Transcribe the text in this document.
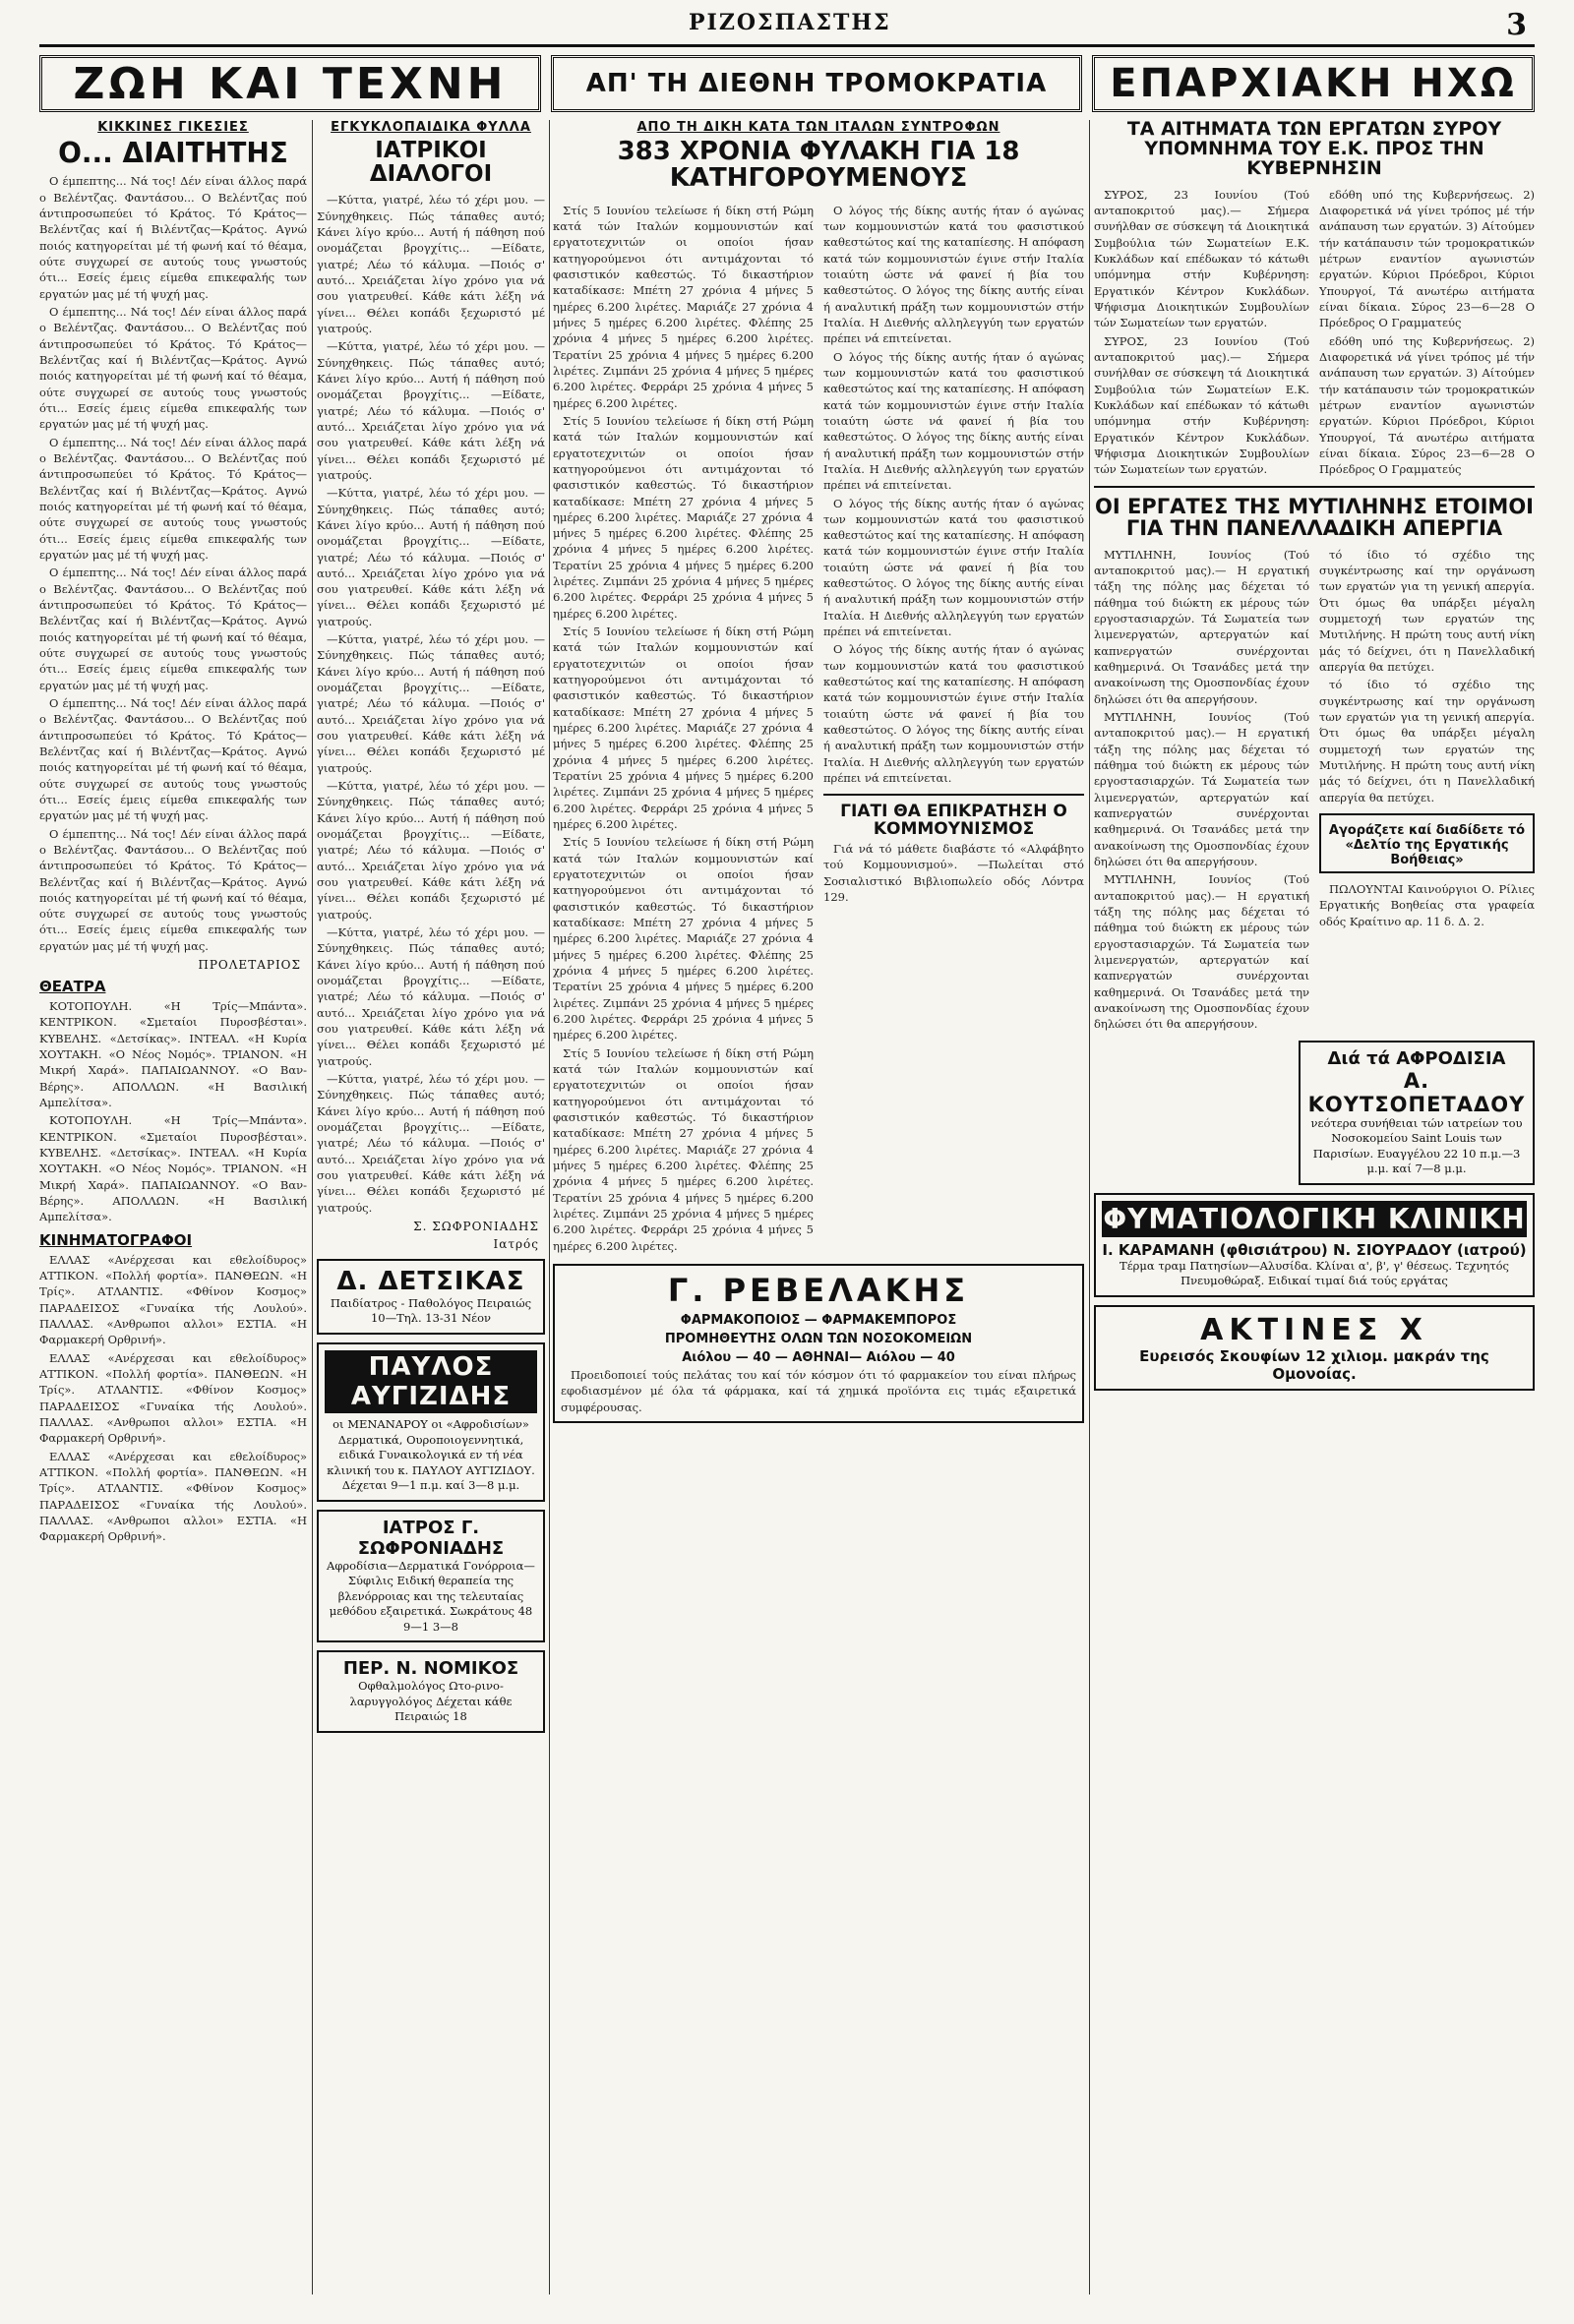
ΡΙΖΟΣΠΑΣΤΗΣ	3
ΖΩΗ ΚΑΙ ΤΕΧΝΗ	ΑΠ' ΤΗ ΔΙΕΘΝΗ ΤΡΟΜΟΚΡΑΤΙΑ	ΕΠΑΡΧΙΑΚΗ ΗΧΩ
ΚΙΚΚΙΝΕΣ ΓΙΚΕΣΙΕΣ
Ο... ΔΙΑΙΤΗΤΗΣ

Ο έμπεπτης... Νά τος! Δέν είναι άλλος παρά ο Βελέντζας. Φαντάσου... Ο Βελέντζας πού άντιπροσωπεύει τό Κράτος. Τό Κράτος—Βελέντζας καί ή Βιλέντζας—Κράτος. Αγνώ ποιός κατηγορείται μέ τή φωνή καί τό θέαμα, ούτε συγχωρεί σε αυτούς τους γνωστούς ότι... Εσείς έμεις είμεθα επικεφαλής των εργατών μας μέ τή ψυχή μας.

Ο έμπεπτης... Νά τος! Δέν είναι άλλος παρά ο Βελέντζας. Φαντάσου... Ο Βελέντζας πού άντιπροσωπεύει τό Κράτος. Τό Κράτος—Βελέντζας καί ή Βιλέντζας—Κράτος. Αγνώ ποιός κατηγορείται μέ τή φωνή καί τό θέαμα, ούτε συγχωρεί σε αυτούς τους γνωστούς ότι... Εσείς έμεις είμεθα επικεφαλής των εργατών μας μέ τή ψυχή μας.

Ο έμπεπτης... Νά τος! Δέν είναι άλλος παρά ο Βελέντζας. Φαντάσου... Ο Βελέντζας πού άντιπροσωπεύει τό Κράτος. Τό Κράτος—Βελέντζας καί ή Βιλέντζας—Κράτος. Αγνώ ποιός κατηγορείται μέ τή φωνή καί τό θέαμα, ούτε συγχωρεί σε αυτούς τους γνωστούς ότι... Εσείς έμεις είμεθα επικεφαλής των εργατών μας μέ τή ψυχή μας.

Ο έμπεπτης... Νά τος! Δέν είναι άλλος παρά ο Βελέντζας. Φαντάσου... Ο Βελέντζας πού άντιπροσωπεύει τό Κράτος. Τό Κράτος—Βελέντζας καί ή Βιλέντζας—Κράτος. Αγνώ ποιός κατηγορείται μέ τή φωνή καί τό θέαμα, ούτε συγχωρεί σε αυτούς τους γνωστούς ότι... Εσείς έμεις είμεθα επικεφαλής των εργατών μας μέ τή ψυχή μας.

Ο έμπεπτης... Νά τος! Δέν είναι άλλος παρά ο Βελέντζας. Φαντάσου... Ο Βελέντζας πού άντιπροσωπεύει τό Κράτος. Τό Κράτος—Βελέντζας καί ή Βιλέντζας—Κράτος. Αγνώ ποιός κατηγορείται μέ τή φωνή καί τό θέαμα, ούτε συγχωρεί σε αυτούς τους γνωστούς ότι... Εσείς έμεις είμεθα επικεφαλής των εργατών μας μέ τή ψυχή μας.

Ο έμπεπτης... Νά τος! Δέν είναι άλλος παρά ο Βελέντζας. Φαντάσου... Ο Βελέντζας πού άντιπροσωπεύει τό Κράτος. Τό Κράτος—Βελέντζας καί ή Βιλέντζας—Κράτος. Αγνώ ποιός κατηγορείται μέ τή φωνή καί τό θέαμα, ούτε συγχωρεί σε αυτούς τους γνωστούς ότι... Εσείς έμεις είμεθα επικεφαλής των εργατών μας μέ τή ψυχή μας.

ΠΡΟΛΕΤΑΡΙΟΣ
ΘΕΑΤΡΑ

ΚΟΤΟΠΟΥΛΗ. «Η Τρίς—Μπάντα». ΚΕΝΤΡΙΚΟΝ. «Σμεταίοι Πυροσβέσται». ΚΥΒΕΛΗΣ. «Δετσίκας». ΙΝΤΕΑΛ. «Η Κυρία ΧΟΥΤΑΚΗ. «Ο Νέος Νομός». ΤΡΙΑΝΟΝ. «Η Μικρή Χαρά». ΠΑΠΑΙΩΑΝΝΟΥ. «Ο Βαν-Βέρης». ΑΠΟΛΛΩΝ. «Η Βασιλική Αμπελίτσα».

ΚΟΤΟΠΟΥΛΗ. «Η Τρίς—Μπάντα». ΚΕΝΤΡΙΚΟΝ. «Σμεταίοι Πυροσβέσται». ΚΥΒΕΛΗΣ. «Δετσίκας». ΙΝΤΕΑΛ. «Η Κυρία ΧΟΥΤΑΚΗ. «Ο Νέος Νομός». ΤΡΙΑΝΟΝ. «Η Μικρή Χαρά». ΠΑΠΑΙΩΑΝΝΟΥ. «Ο Βαν-Βέρης». ΑΠΟΛΛΩΝ. «Η Βασιλική Αμπελίτσα».

ΚΙΝΗΜΑΤΟΓΡΑΦΟΙ

ΕΛΛΑΣ «Ανέρχεσαι και εθελοίδυρος» ΑΤΤΙΚΟΝ. «Πολλή φορτία». ΠΑΝΘΕΩΝ. «Η Τρίς». ΑΤΛΑΝΤΙΣ. «Φθίνον Κοσμος» ΠΑΡΑΔΕΙΣΟΣ «Γυναίκα τής Λουλού». ΠΑΛΛΑΣ. «Ανθρωποι αλλοι» ΕΣΤΙΑ. «Η Φαρμακερή Ορθρινή».

ΕΛΛΑΣ «Ανέρχεσαι και εθελοίδυρος» ΑΤΤΙΚΟΝ. «Πολλή φορτία». ΠΑΝΘΕΩΝ. «Η Τρίς». ΑΤΛΑΝΤΙΣ. «Φθίνον Κοσμος» ΠΑΡΑΔΕΙΣΟΣ «Γυναίκα τής Λουλού». ΠΑΛΛΑΣ. «Ανθρωποι αλλοι» ΕΣΤΙΑ. «Η Φαρμακερή Ορθρινή».

ΕΛΛΑΣ «Ανέρχεσαι και εθελοίδυρος» ΑΤΤΙΚΟΝ. «Πολλή φορτία». ΠΑΝΘΕΩΝ. «Η Τρίς». ΑΤΛΑΝΤΙΣ. «Φθίνον Κοσμος» ΠΑΡΑΔΕΙΣΟΣ «Γυναίκα τής Λουλού». ΠΑΛΛΑΣ. «Ανθρωποι αλλοι» ΕΣΤΙΑ. «Η Φαρμακερή Ορθρινή».

ΕΓΚΥΚΛΟΠΑΙΔΙΚΑ ΦΥΛΛΑ
ΙΑΤΡΙΚΟΙ ΔΙΑΛΟΓΟΙ

—Κύττα, γιατρέ, λέω τό χέρι μου. —Σύνηχθηκεις. Πώς τάπαθες αυτό; Κάνει λίγο κρύο... Αυτή ή πάθηση πού ονομάζεται βρογχίτις... —Είδατε, γιατρέ; Λέω τό κάλυμα. —Ποιός σ' αυτό... Χρειάζεται λίγο χρόνο για νά σου γιατρευθεί. Κάθε κάτι λέξη νά γίνει... Θέλει κοπάδι ξεχωριστό μέ γιατρούς.

—Κύττα, γιατρέ, λέω τό χέρι μου. —Σύνηχθηκεις. Πώς τάπαθες αυτό; Κάνει λίγο κρύο... Αυτή ή πάθηση πού ονομάζεται βρογχίτις... —Είδατε, γιατρέ; Λέω τό κάλυμα. —Ποιός σ' αυτό... Χρειάζεται λίγο χρόνο για νά σου γιατρευθεί. Κάθε κάτι λέξη νά γίνει... Θέλει κοπάδι ξεχωριστό μέ γιατρούς.

—Κύττα, γιατρέ, λέω τό χέρι μου. —Σύνηχθηκεις. Πώς τάπαθες αυτό; Κάνει λίγο κρύο... Αυτή ή πάθηση πού ονομάζεται βρογχίτις... —Είδατε, γιατρέ; Λέω τό κάλυμα. —Ποιός σ' αυτό... Χρειάζεται λίγο χρόνο για νά σου γιατρευθεί. Κάθε κάτι λέξη νά γίνει... Θέλει κοπάδι ξεχωριστό μέ γιατρούς.

—Κύττα, γιατρέ, λέω τό χέρι μου. —Σύνηχθηκεις. Πώς τάπαθες αυτό; Κάνει λίγο κρύο... Αυτή ή πάθηση πού ονομάζεται βρογχίτις... —Είδατε, γιατρέ; Λέω τό κάλυμα. —Ποιός σ' αυτό... Χρειάζεται λίγο χρόνο για νά σου γιατρευθεί. Κάθε κάτι λέξη νά γίνει... Θέλει κοπάδι ξεχωριστό μέ γιατρούς.

—Κύττα, γιατρέ, λέω τό χέρι μου. —Σύνηχθηκεις. Πώς τάπαθες αυτό; Κάνει λίγο κρύο... Αυτή ή πάθηση πού ονομάζεται βρογχίτις... —Είδατε, γιατρέ; Λέω τό κάλυμα. —Ποιός σ' αυτό... Χρειάζεται λίγο χρόνο για νά σου γιατρευθεί. Κάθε κάτι λέξη νά γίνει... Θέλει κοπάδι ξεχωριστό μέ γιατρούς.

—Κύττα, γιατρέ, λέω τό χέρι μου. —Σύνηχθηκεις. Πώς τάπαθες αυτό; Κάνει λίγο κρύο... Αυτή ή πάθηση πού ονομάζεται βρογχίτις... —Είδατε, γιατρέ; Λέω τό κάλυμα. —Ποιός σ' αυτό... Χρειάζεται λίγο χρόνο για νά σου γιατρευθεί. Κάθε κάτι λέξη νά γίνει... Θέλει κοπάδι ξεχωριστό μέ γιατρούς.

—Κύττα, γιατρέ, λέω τό χέρι μου. —Σύνηχθηκεις. Πώς τάπαθες αυτό; Κάνει λίγο κρύο... Αυτή ή πάθηση πού ονομάζεται βρογχίτις... —Είδατε, γιατρέ; Λέω τό κάλυμα. —Ποιός σ' αυτό... Χρειάζεται λίγο χρόνο για νά σου γιατρευθεί. Κάθε κάτι λέξη νά γίνει... Θέλει κοπάδι ξεχωριστό μέ γιατρούς.

Σ. ΣΩΦΡΟΝΙΑΔΗΣ
Ιατρός
Δ. ΔΕΤΣΙΚΑΣ
Παιδίατρος - Παθολόγος Πειραιώς 10—Τηλ. 13-31 Νέον
ΠΑΥΛΟΣ ΑΥΓΙΖΙΔΗΣ
οι ΜΕΝΑΝΑΡΟΥ οι «Αφροδισίων» Δερματικά, Ουροποιογεννητικά, ειδικά Γυναικολογικά εν τή νέα κλινική του κ. ΠΑΥΛΟΥ ΑΥΓΙΖΙΔΟΥ. Δέχεται 9—1 π.μ. καί 3—8 μ.μ.
ΙΑΤΡΟΣ Γ. ΣΩΦΡΟΝΙΑΔΗΣ
Αφροδίσια—Δερματικά Γονόρροια—Σύφιλις Ειδική θεραπεία της βλενόρροιας και της τελευταίας μεθόδου εξαιρετικά. Σωκράτους 48 9—1 3—8
ΠΕΡ. Ν. ΝΟΜΙΚΟΣ
Οφθαλμολόγος Ωτο-ρινο-λαρυγγολόγος Δέχεται κάθε Πειραιώς 18
ΑΠΟ ΤΗ ΔΙΚΗ ΚΑΤΑ ΤΩΝ ΙΤΑΛΩΝ ΣΥΝΤΡΟΦΩΝ
383 ΧΡΟΝΙΑ ΦΥΛΑΚΗ ΓΙΑ 18 ΚΑΤΗΓΟΡΟΥΜΕΝΟΥΣ

Στίς 5 Ιουνίου τελείωσε ή δίκη στή Ρώμη κατά τών Ιταλών κομμουνιστών καί εργατοτεχνιτών οι οποίοι ήσαν κατηγορούμενοι ότι αντιμάχονται τό φασιστικόν καθεστώς. Τό δικαστήριον καταδίκασε: Μπέτη 27 χρόνια 4 μήνες 5 ημέρες 6.200 λιρέτες. Μαριάζε 27 χρόνια 4 μήνες 5 ημέρες 6.200 λιρέτες. Φλέπης 25 χρόνια 4 μήνες 5 ημέρες 6.200 λιρέτες. Τερατίνι 25 χρόνια 4 μήνες 5 ημέρες 6.200 λιρέτες. Ζιμπάνι 25 χρόνια 4 μήνες 5 ημέρες 6.200 λιρέτες. Φερράρι 25 χρόνια 4 μήνες 5 ημέρες 6.200 λιρέτες.

Στίς 5 Ιουνίου τελείωσε ή δίκη στή Ρώμη κατά τών Ιταλών κομμουνιστών καί εργατοτεχνιτών οι οποίοι ήσαν κατηγορούμενοι ότι αντιμάχονται τό φασιστικόν καθεστώς. Τό δικαστήριον καταδίκασε: Μπέτη 27 χρόνια 4 μήνες 5 ημέρες 6.200 λιρέτες. Μαριάζε 27 χρόνια 4 μήνες 5 ημέρες 6.200 λιρέτες. Φλέπης 25 χρόνια 4 μήνες 5 ημέρες 6.200 λιρέτες. Τερατίνι 25 χρόνια 4 μήνες 5 ημέρες 6.200 λιρέτες. Ζιμπάνι 25 χρόνια 4 μήνες 5 ημέρες 6.200 λιρέτες. Φερράρι 25 χρόνια 4 μήνες 5 ημέρες 6.200 λιρέτες.

Στίς 5 Ιουνίου τελείωσε ή δίκη στή Ρώμη κατά τών Ιταλών κομμουνιστών καί εργατοτεχνιτών οι οποίοι ήσαν κατηγορούμενοι ότι αντιμάχονται τό φασιστικόν καθεστώς. Τό δικαστήριον καταδίκασε: Μπέτη 27 χρόνια 4 μήνες 5 ημέρες 6.200 λιρέτες. Μαριάζε 27 χρόνια 4 μήνες 5 ημέρες 6.200 λιρέτες. Φλέπης 25 χρόνια 4 μήνες 5 ημέρες 6.200 λιρέτες. Τερατίνι 25 χρόνια 4 μήνες 5 ημέρες 6.200 λιρέτες. Ζιμπάνι 25 χρόνια 4 μήνες 5 ημέρες 6.200 λιρέτες. Φερράρι 25 χρόνια 4 μήνες 5 ημέρες 6.200 λιρέτες.

Στίς 5 Ιουνίου τελείωσε ή δίκη στή Ρώμη κατά τών Ιταλών κομμουνιστών καί εργατοτεχνιτών οι οποίοι ήσαν κατηγορούμενοι ότι αντιμάχονται τό φασιστικόν καθεστώς. Τό δικαστήριον καταδίκασε: Μπέτη 27 χρόνια 4 μήνες 5 ημέρες 6.200 λιρέτες. Μαριάζε 27 χρόνια 4 μήνες 5 ημέρες 6.200 λιρέτες. Φλέπης 25 χρόνια 4 μήνες 5 ημέρες 6.200 λιρέτες. Τερατίνι 25 χρόνια 4 μήνες 5 ημέρες 6.200 λιρέτες. Ζιμπάνι 25 χρόνια 4 μήνες 5 ημέρες 6.200 λιρέτες. Φερράρι 25 χρόνια 4 μήνες 5 ημέρες 6.200 λιρέτες.

Στίς 5 Ιουνίου τελείωσε ή δίκη στή Ρώμη κατά τών Ιταλών κομμουνιστών καί εργατοτεχνιτών οι οποίοι ήσαν κατηγορούμενοι ότι αντιμάχονται τό φασιστικόν καθεστώς. Τό δικαστήριον καταδίκασε: Μπέτη 27 χρόνια 4 μήνες 5 ημέρες 6.200 λιρέτες. Μαριάζε 27 χρόνια 4 μήνες 5 ημέρες 6.200 λιρέτες. Φλέπης 25 χρόνια 4 μήνες 5 ημέρες 6.200 λιρέτες. Τερατίνι 25 χρόνια 4 μήνες 5 ημέρες 6.200 λιρέτες. Ζιμπάνι 25 χρόνια 4 μήνες 5 ημέρες 6.200 λιρέτες. Φερράρι 25 χρόνια 4 μήνες 5 ημέρες 6.200 λιρέτες.

Ο λόγος τής δίκης αυτής ήταν ό αγώνας των κομμουνιστών κατά του φασιστικού καθεστώτος καί της καταπίεσης. Η απόφαση κατά τών κομμουνιστών έγινε στήν Ιταλία τοιαύτη ώστε νά φανεί ή βία του καθεστώτος. Ο λόγος της δίκης αυτής είναι ή αναλυτική πράξη των κομμουνιστών στήν Ιταλία. Η Διεθνής αλληλεγγύη των εργατών πρέπει νά επιτείνεται.

Ο λόγος τής δίκης αυτής ήταν ό αγώνας των κομμουνιστών κατά του φασιστικού καθεστώτος καί της καταπίεσης. Η απόφαση κατά τών κομμουνιστών έγινε στήν Ιταλία τοιαύτη ώστε νά φανεί ή βία του καθεστώτος. Ο λόγος της δίκης αυτής είναι ή αναλυτική πράξη των κομμουνιστών στήν Ιταλία. Η Διεθνής αλληλεγγύη των εργατών πρέπει νά επιτείνεται.

Ο λόγος τής δίκης αυτής ήταν ό αγώνας των κομμουνιστών κατά του φασιστικού καθεστώτος καί της καταπίεσης. Η απόφαση κατά τών κομμουνιστών έγινε στήν Ιταλία τοιαύτη ώστε νά φανεί ή βία του καθεστώτος. Ο λόγος της δίκης αυτής είναι ή αναλυτική πράξη των κομμουνιστών στήν Ιταλία. Η Διεθνής αλληλεγγύη των εργατών πρέπει νά επιτείνεται.

Ο λόγος τής δίκης αυτής ήταν ό αγώνας των κομμουνιστών κατά του φασιστικού καθεστώτος καί της καταπίεσης. Η απόφαση κατά τών κομμουνιστών έγινε στήν Ιταλία τοιαύτη ώστε νά φανεί ή βία του καθεστώτος. Ο λόγος της δίκης αυτής είναι ή αναλυτική πράξη των κομμουνιστών στήν Ιταλία. Η Διεθνής αλληλεγγύη των εργατών πρέπει νά επιτείνεται.

ΓΙΑΤΙ ΘΑ ΕΠΙΚΡΑΤΗΣΗ Ο ΚΟΜΜΟΥΝΙΣΜΟΣ

Γιά νά τό μάθετε διαβάστε τό «Αλφάβητο τού Κομμουνισμού». —Πωλείται στό Σοσιαλιστικό Βιβλιοπωλείο οδός Λόντρα 129.

Γ. ΡΕΒΕΛΑΚΗΣ
ΦΑΡΜΑΚΟΠΟΙΟΣ — ΦΑΡΜΑΚΕΜΠΟΡΟΣ
ΠΡΟΜΗΘΕΥΤΗΣ ΟΛΩΝ ΤΩΝ ΝΟΣΟΚΟΜΕΙΩΝ
Αιόλου — 40 — ΑΘΗΝΑΙ— Αιόλου — 40

Προειδοποιεί τούς πελάτας του καί τόν κόσμον ότι τό φαρμακείον του είναι πλήρως εφοδιασμένον μέ όλα τά φάρμακα, καί τά χημικά προϊόντα εις τιμάς εξαιρετικά συμφέρουσας.

ΤΑ ΑΙΤΗΜΑΤΑ ΤΩΝ ΕΡΓΑΤΩΝ ΣΥΡΟΥ
ΥΠΟΜΝΗΜΑ ΤΟΥ Ε.Κ. ΠΡΟΣ ΤΗΝ ΚΥΒΕΡΝΗΣΙΝ

ΣΥΡΟΣ, 23 Ιουνίου (Τού ανταποκριτού μας).— Σήμερα συνήλθαν σε σύσκεψη τά Διοικητικά Συμβούλια τών Σωματείων Ε.Κ. Κυκλάδων καί επέδωκαν τό κάτωθι υπόμνημα στήν Κυβέρνηση: Εργατικόν Κέντρον Κυκλάδων. Ψήφισμα Διοικητικών Συμβουλίων τών Σωματείων των εργατών.

ΣΥΡΟΣ, 23 Ιουνίου (Τού ανταποκριτού μας).— Σήμερα συνήλθαν σε σύσκεψη τά Διοικητικά Συμβούλια τών Σωματείων Ε.Κ. Κυκλάδων καί επέδωκαν τό κάτωθι υπόμνημα στήν Κυβέρνηση: Εργατικόν Κέντρον Κυκλάδων. Ψήφισμα Διοικητικών Συμβουλίων τών Σωματείων των εργατών.

εδόθη υπό της Κυβερνήσεως. 2) Διαφορετικά νά γίνει τρόπος μέ τήν ανάπαυση των εργατών. 3) Αίτούμεν τήν κατάπαυσιν τών τρομοκρατικών μέτρων εναντίον αγωνιστών εργατών. Κύριοι Πρόεδροι, Κύριοι Υπουργοί, Τά ανωτέρω αιτήματα είναι δίκαια. Σύρος 23—6—28 Ο Πρόεδρος Ο Γραμματεύς

εδόθη υπό της Κυβερνήσεως. 2) Διαφορετικά νά γίνει τρόπος μέ τήν ανάπαυση των εργατών. 3) Αίτούμεν τήν κατάπαυσιν τών τρομοκρατικών μέτρων εναντίον αγωνιστών εργατών. Κύριοι Πρόεδροι, Κύριοι Υπουργοί, Τά ανωτέρω αιτήματα είναι δίκαια. Σύρος 23—6—28 Ο Πρόεδρος Ο Γραμματεύς

ΟΙ ΕΡΓΑΤΕΣ ΤΗΣ ΜΥΤΙΛΗΝΗΣ ΕΤΟΙΜΟΙ ΓΙΑ ΤΗΝ ΠΑΝΕΛΛΑΔΙΚΗ ΑΠΕΡΓΙΑ

ΜΥΤΙΛΗΝΗ, Ιουνίος (Τού ανταποκριτού μας).— Η εργατική τάξη της πόλης μας δέχεται τό πάθημα τού διώκτη εκ μέρους τών εργοστασιαρχών. Τά Σωματεία των λιμενεργατών, αρτεργατών καί καπνεργατών συνέρχονται καθημερινά. Οι Τσανάδες μετά την ανακοίνωση της Ομοσπονδίας έχουν δηλώσει ότι θα απεργήσουν.

ΜΥΤΙΛΗΝΗ, Ιουνίος (Τού ανταποκριτού μας).— Η εργατική τάξη της πόλης μας δέχεται τό πάθημα τού διώκτη εκ μέρους τών εργοστασιαρχών. Τά Σωματεία των λιμενεργατών, αρτεργατών καί καπνεργατών συνέρχονται καθημερινά. Οι Τσανάδες μετά την ανακοίνωση της Ομοσπονδίας έχουν δηλώσει ότι θα απεργήσουν.

ΜΥΤΙΛΗΝΗ, Ιουνίος (Τού ανταποκριτού μας).— Η εργατική τάξη της πόλης μας δέχεται τό πάθημα τού διώκτη εκ μέρους τών εργοστασιαρχών. Τά Σωματεία των λιμενεργατών, αρτεργατών καί καπνεργατών συνέρχονται καθημερινά. Οι Τσανάδες μετά την ανακοίνωση της Ομοσπονδίας έχουν δηλώσει ότι θα απεργήσουν.

τό ίδιο τό σχέδιο της συγκέντρωσης καί την οργάνωση των εργατών για τη γενική απεργία. Ότι όμως θα υπάρξει μέγαλη συμμετοχή των εργατών της Μυτιλήνης. Η πρώτη τους αυτή νίκη μάς τό δείχνει, ότι η Πανελλαδική απεργία θα πετύχει.

τό ίδιο τό σχέδιο της συγκέντρωσης καί την οργάνωση των εργατών για τη γενική απεργία. Ότι όμως θα υπάρξει μέγαλη συμμετοχή των εργατών της Μυτιλήνης. Η πρώτη τους αυτή νίκη μάς τό δείχνει, ότι η Πανελλαδική απεργία θα πετύχει.

Αγοράζετε καί διαδίδετε τό «Δελτίο της Εργατικής Βοήθειας»

ΠΩΛΟΥΝΤΑΙ Καινούργιοι Ο. Ρίλιες Εργατικής Βοηθείας στα γραφεία οδός Κραίτινο αρ. 11 δ. Δ. 2.

Διά τά ΑΦΡΟΔΙΣΙΑ
Α. ΚΟΥΤΣΟΠΕΤΑΔΟΥ
νεότερα συνήθειαι τών ιατρείων του Νοσοκομείου Saint Louis των Παρισίων. Ευαγγέλου 22 10 π.μ.—3 μ.μ. καί 7—8 μ.μ.
ΦΥΜΑΤΙΟΛΟΓΙΚΗ ΚΛΙΝΙΚΗ
Ι. ΚΑΡΑΜΑΝΗ (φθισιάτρου) Ν. ΣΙΟΥΡΑΔΟΥ (ιατρού)
Τέρμα τραμ Πατησίων—Αλυσίδα. Κλίναι α', β', γ' θέσεως. Τεχνητός Πνευμοθώραξ. Ειδικαί τιμαί διά τούς εργάτας
ΑΚΤΙΝΕΣ Χ
Ευρεισός Σκουφίων 12 χιλιομ. μακράν της Ομονοίας.
